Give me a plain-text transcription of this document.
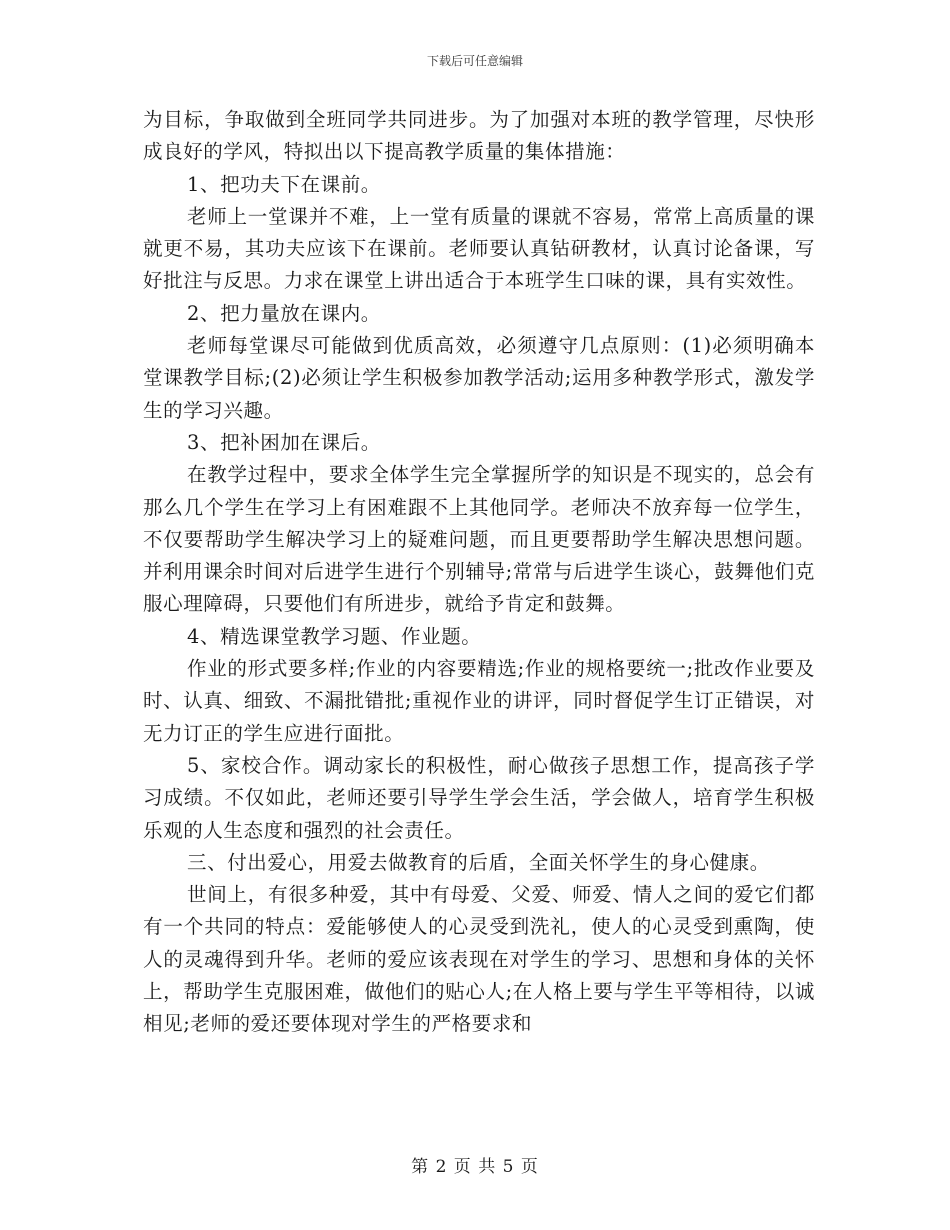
下载后可任意编辑

为目标，争取做到全班同学共同进步。为了加强对本班的教学管理，尽快形成良好的学风，特拟出以下提高教学质量的集体措施：

1、把功夫下在课前。

老师上一堂课并不难，上一堂有质量的课就不容易，常常上高质量的课就更不易，其功夫应该下在课前。老师要认真钻研教材，认真讨论备课，写好批注与反思。力求在课堂上讲出适合于本班学生口味的课，具有实效性。

2、把力量放在课内。

老师每堂课尽可能做到优质高效，必须遵守几点原则：(1)必须明确本堂课教学目标;(2)必须让学生积极参加教学活动;运用多种教学形式，激发学生的学习兴趣。

3、把补困加在课后。

在教学过程中，要求全体学生完全掌握所学的知识是不现实的，总会有那么几个学生在学习上有困难跟不上其他同学。老师决不放弃每一位学生，不仅要帮助学生解决学习上的疑难问题，而且更要帮助学生解决思想问题。并利用课余时间对后进学生进行个别辅导;常常与后进学生谈心，鼓舞他们克服心理障碍，只要他们有所进步，就给予肯定和鼓舞。

4、精选课堂教学习题、作业题。

作业的形式要多样;作业的内容要精选;作业的规格要统一;批改作业要及时、认真、细致、不漏批错批;重视作业的讲评，同时督促学生订正错误，对无力订正的学生应进行面批。

5、家校合作。调动家长的积极性，耐心做孩子思想工作，提高孩子学习成绩。不仅如此，老师还要引导学生学会生活，学会做人，培育学生积极乐观的人生态度和强烈的社会责任。

三、付出爱心，用爱去做教育的后盾，全面关怀学生的身心健康。

世间上，有很多种爱，其中有母爱、父爱、师爱、情人之间的爱它们都有一个共同的特点：爱能够使人的心灵受到洗礼，使人的心灵受到熏陶，使人的灵魂得到升华。老师的爱应该表现在对学生的学习、思想和身体的关怀上，帮助学生克服困难，做他们的贴心人;在人格上要与学生平等相待，以诚相见;老师的爱还要体现对学生的严格要求和

第 2 页 共 5 页
